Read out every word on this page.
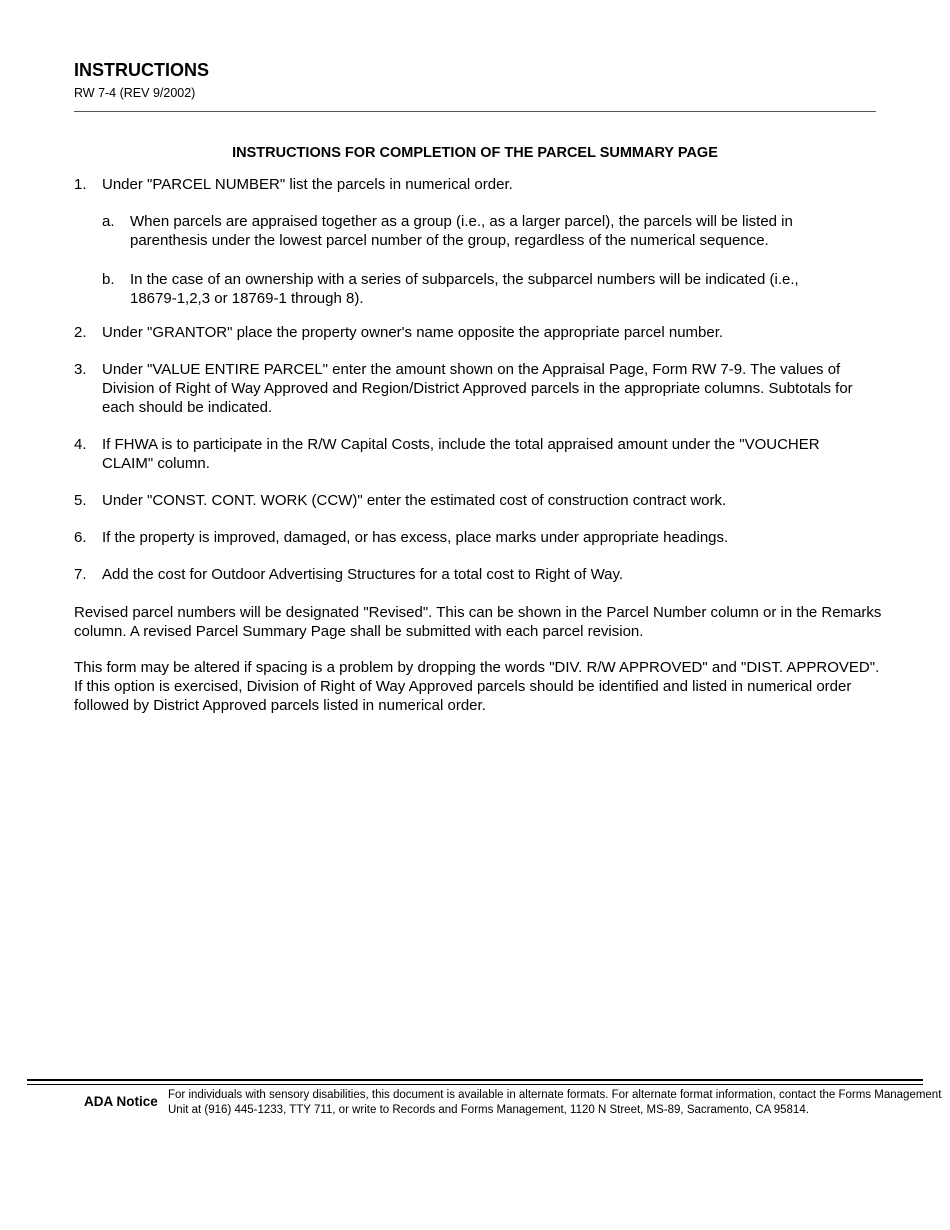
INSTRUCTIONS
RW 7-4 (REV 9/2002)
INSTRUCTIONS FOR COMPLETION OF THE PARCEL SUMMARY PAGE
1. Under "PARCEL NUMBER" list the parcels in numerical order.
a. When parcels are appraised together as a group (i.e., as a larger parcel), the parcels will be listed in parenthesis under the lowest parcel number of the group, regardless of the numerical sequence.
b. In the case of an ownership with a series of subparcels, the subparcel numbers will be indicated (i.e., 18679-1,2,3 or 18769-1 through 8).
2. Under "GRANTOR" place the property owner's name opposite the appropriate parcel number.
3. Under "VALUE ENTIRE PARCEL" enter the amount shown on the Appraisal Page, Form RW 7-9. The values of Division of Right of Way Approved and Region/District Approved parcels in the appropriate columns. Subtotals for each should be indicated.
4. If FHWA is to participate in the R/W Capital Costs, include the total appraised amount under the "VOUCHER CLAIM" column.
5. Under "CONST. CONT. WORK (CCW)" enter the estimated cost of construction contract work.
6. If the property is improved, damaged, or has excess, place marks under appropriate headings.
7. Add the cost for Outdoor Advertising Structures for a total cost to Right of Way.
Revised parcel numbers will be designated "Revised". This can be shown in the Parcel Number column or in the Remarks column. A revised Parcel Summary Page shall be submitted with each parcel revision.
This form may be altered if spacing is a problem by dropping the words "DIV. R/W APPROVED" and "DIST. APPROVED". If this option is exercised, Division of Right of Way Approved parcels should be identified and listed in numerical order followed by District Approved parcels listed in numerical order.
ADA Notice For individuals with sensory disabilities, this document is available in alternate formats. For alternate format information, contact the Forms Management
Unit at (916) 445-1233, TTY 711, or write to Records and Forms Management, 1120 N Street, MS-89, Sacramento, CA 95814.
